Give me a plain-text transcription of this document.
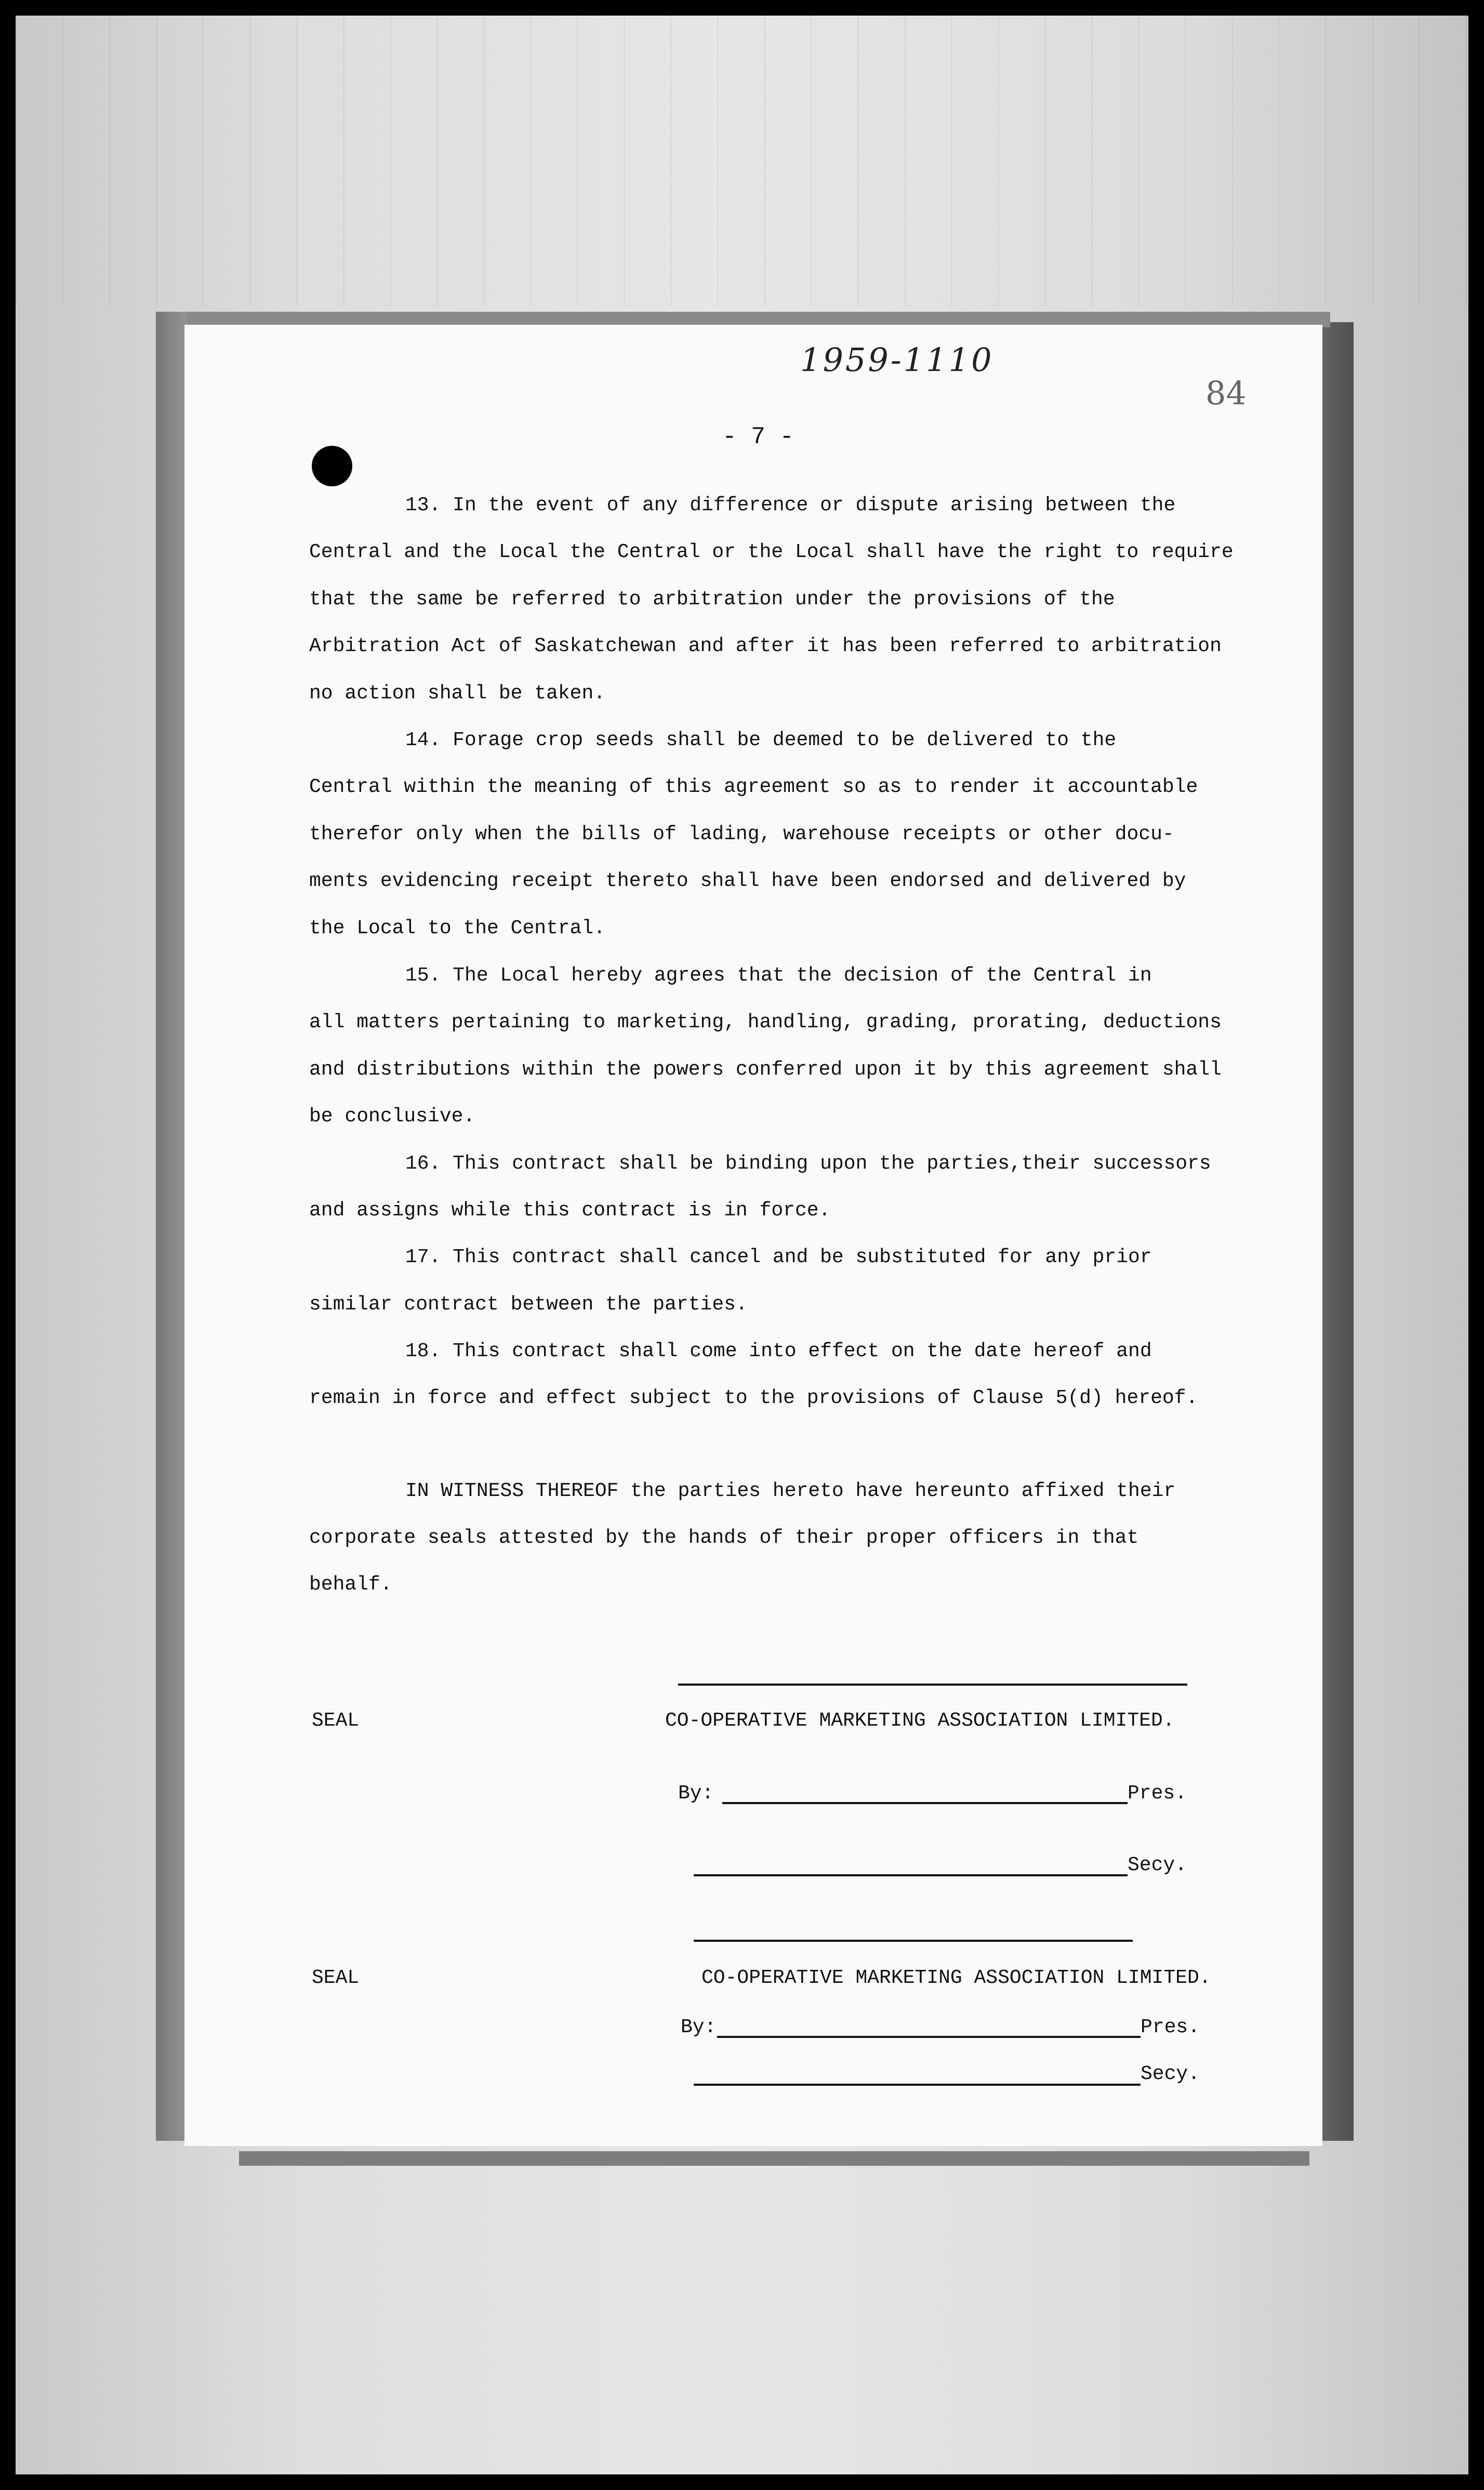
1959-1110
84
- 7 -
13. In the event of any difference or dispute arising between the
Central and the Local the Central or the Local shall have the right to require
that the same be referred to arbitration under the provisions of the
Arbitration Act of Saskatchewan and after it has been referred to arbitration
no action shall be taken.
14. Forage crop seeds shall be deemed to be delivered to the
Central within the meaning of this agreement so as to render it accountable
therefor only when the bills of lading, warehouse receipts or other docu-
ments evidencing receipt thereto shall have been endorsed and delivered by
the Local to the Central.
15. The Local hereby agrees that the decision of the Central in
all matters pertaining to marketing, handling, grading, prorating, deductions
and distributions within the powers conferred upon it by this agreement shall
be conclusive.
16. This contract shall be binding upon the parties,their successors
and assigns while this contract is in force.
17. This contract shall cancel and be substituted for any prior
similar contract between the parties.
18. This contract shall come into effect on the date hereof and
remain in force and effect subject to the provisions of Clause 5(d) hereof.
IN WITNESS THEREOF the parties hereto have hereunto affixed their
corporate seals attested by the hands of their proper officers in that
behalf.
SEAL	CO-OPERATIVE MARKETING ASSOCIATION LIMITED.
By:	Pres.
Secy.
SEAL	CO-OPERATIVE MARKETING ASSOCIATION LIMITED.
By:	Pres.
Secy.
